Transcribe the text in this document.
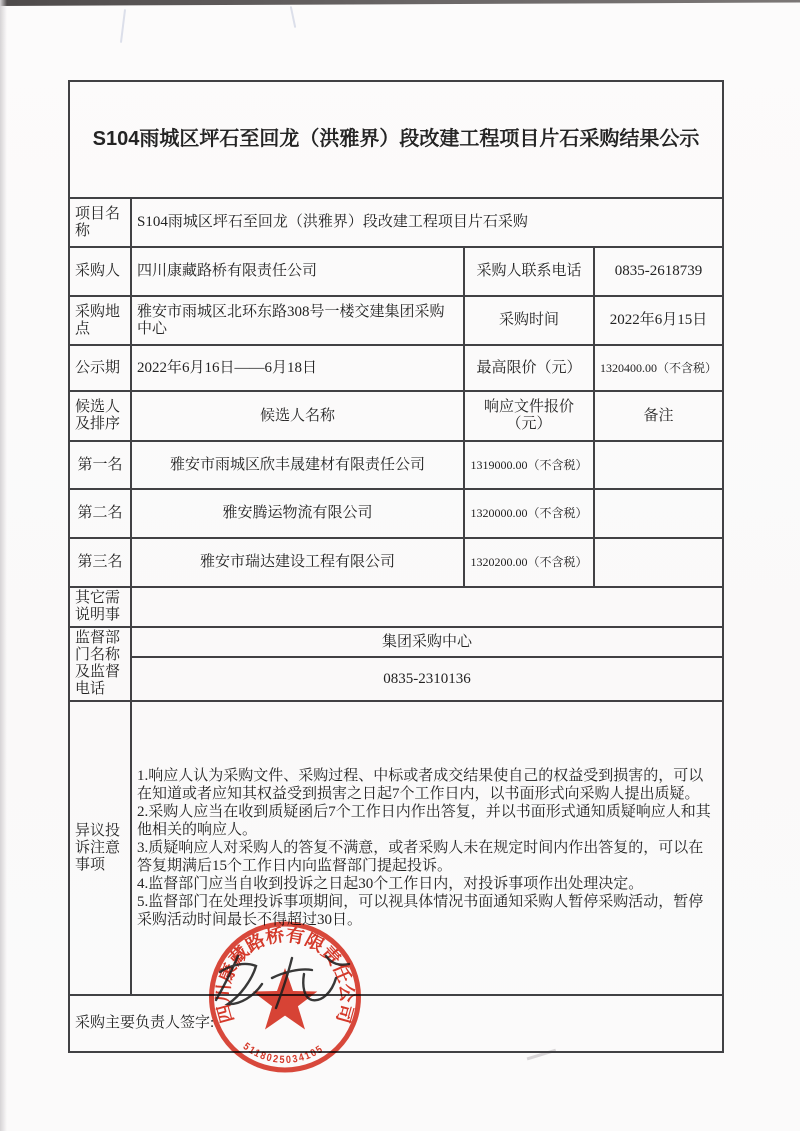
S104雨城区坪石至回龙（洪雅界）段改建工程项目片石采购结果公示			
项目名称	S104雨城区坪石至回龙（洪雅界）段改建工程项目片石采购		
采购人	四川康藏路桥有限责任公司	采购人联系电话	0835-2618739
采购地点	雅安市雨城区北环东路308号一楼交建集团采购中心	采购时间	2022年6月15日
公示期	2022年6月16日——6月18日	最高限价（元）	1320400.00（不含税）
候选人及排序	候选人名称	响应文件报价（元）	备注
第一名	雅安市雨城区欣丰晟建材有限责任公司	1319000.00（不含税）	
第二名	雅安腾运物流有限公司	1320000.00（不含税）	
第三名	雅安市瑞达建设工程有限公司	1320200.00（不含税）	
其它需说明事			
监督部门名称及监督电话	集团采购中心		
	0835-2310136		
异议投诉注意事项	1.响应人认为采购文件、采购过程、中标或者成交结果使自己的权益受到损害的，可以在知道或者应知其权益受到损害之日起7个工作日内，以书面形式向采购人提出质疑。
2.采购人应当在收到质疑函后7个工作日内作出答复，并以书面形式通知质疑响应人和其他相关的响应人。
3.质疑响应人对采购人的答复不满意，或者采购人未在规定时间内作出答复的，可以在答复期满后15个工作日内向监督部门提起投诉。
4.监督部门应当自收到投诉之日起30个工作日内，对投诉事项作出处理决定。
5.监督部门在处理投诉事项期间，可以视具体情况书面通知采购人暂停采购活动，暂停采购活动时间最长不得超过30日。		

采购主要负责人签字:			四川康藏路桥有限责任公司
5118025034105
